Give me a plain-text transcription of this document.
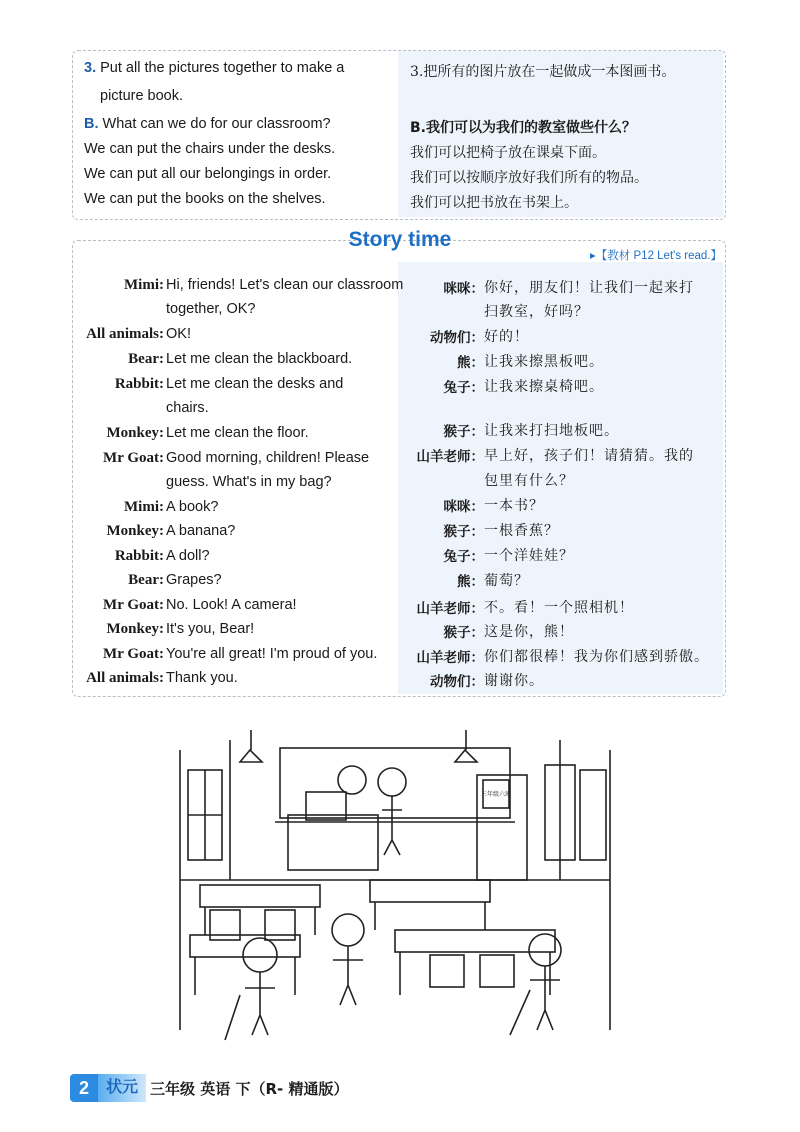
3. Put all the pictures together to make a
picture book.
B. What can we do for our classroom?
We can put the chairs under the desks.
We can put all our belongings in order.
We can put the books on the shelves.
3.把所有的图片放在一起做成一本图画书。
B.我们可以为我们的教室做些什么？
我们可以把椅子放在课桌下面。
我们可以按顺序放好我们所有的物品。
我们可以把书放在书架上。
Story time
▸【教材 P12 Let's read.】
Mimi: Hi, friends! Let's clean our classroom
together, OK?
All animals: OK!
Bear: Let me clean the blackboard.
Rabbit: Let me clean the desks and
chairs.
Monkey: Let me clean the floor.
Mr Goat: Good morning, children! Please
guess. What's in my bag?
Mimi: A book?
Monkey: A banana?
Rabbit: A doll?
Bear: Grapes?
Mr Goat: No. Look! A camera!
Monkey: It's you, Bear!
Mr Goat: You're all great! I'm proud of you.
All animals: Thank you.
咪咪： 你好，朋友们！让我们一起来打
扫教室，好吗？
动物们： 好的！
熊： 让我来擦黑板吧。
兔子： 让我来擦桌椅吧。
猴子： 让我来打扫地板吧。
山羊老师： 早上好，孩子们！请猜猜。我的
包里有什么？
咪咪： 一本书？
猴子： 一根香蕉？
兔子： 一个洋娃娃？
熊： 葡萄？
山羊老师： 不。看！一个照相机！
猴子： 这是你，熊！
山羊老师： 你们都很棒！我为你们感到骄傲。
动物们： 谢谢你。
三年级六班
2	状元 三年级 英语 下（R- 精通版）
